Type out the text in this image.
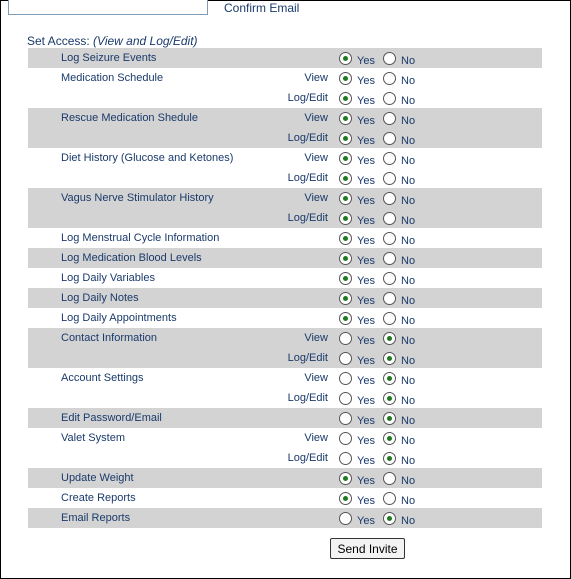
Confirm Email
Set Access: (View and Log/Edit)
Log Seizure Events	Yes No
Medication Schedule	View	Yes No
Log/Edit	Yes No
Rescue Medication Shedule	View	Yes No
Log/Edit	Yes No
Diet History (Glucose and Ketones)	View	Yes No
Log/Edit	Yes No
Vagus Nerve Stimulator History	View	Yes No
Log/Edit	Yes No
Log Menstrual Cycle Information	Yes No
Log Medication Blood Levels	Yes No
Log Daily Variables	Yes No
Log Daily Notes	Yes No
Log Daily Appointments	Yes No
Contact Information	View	Yes No
Log/Edit	Yes No
Account Settings	View	Yes No
Log/Edit	Yes No
Edit Password/Email	Yes No
Valet System	View	Yes No
Log/Edit	Yes No
Update Weight	Yes No
Create Reports	Yes No
Email Reports	Yes No
Send Invite
